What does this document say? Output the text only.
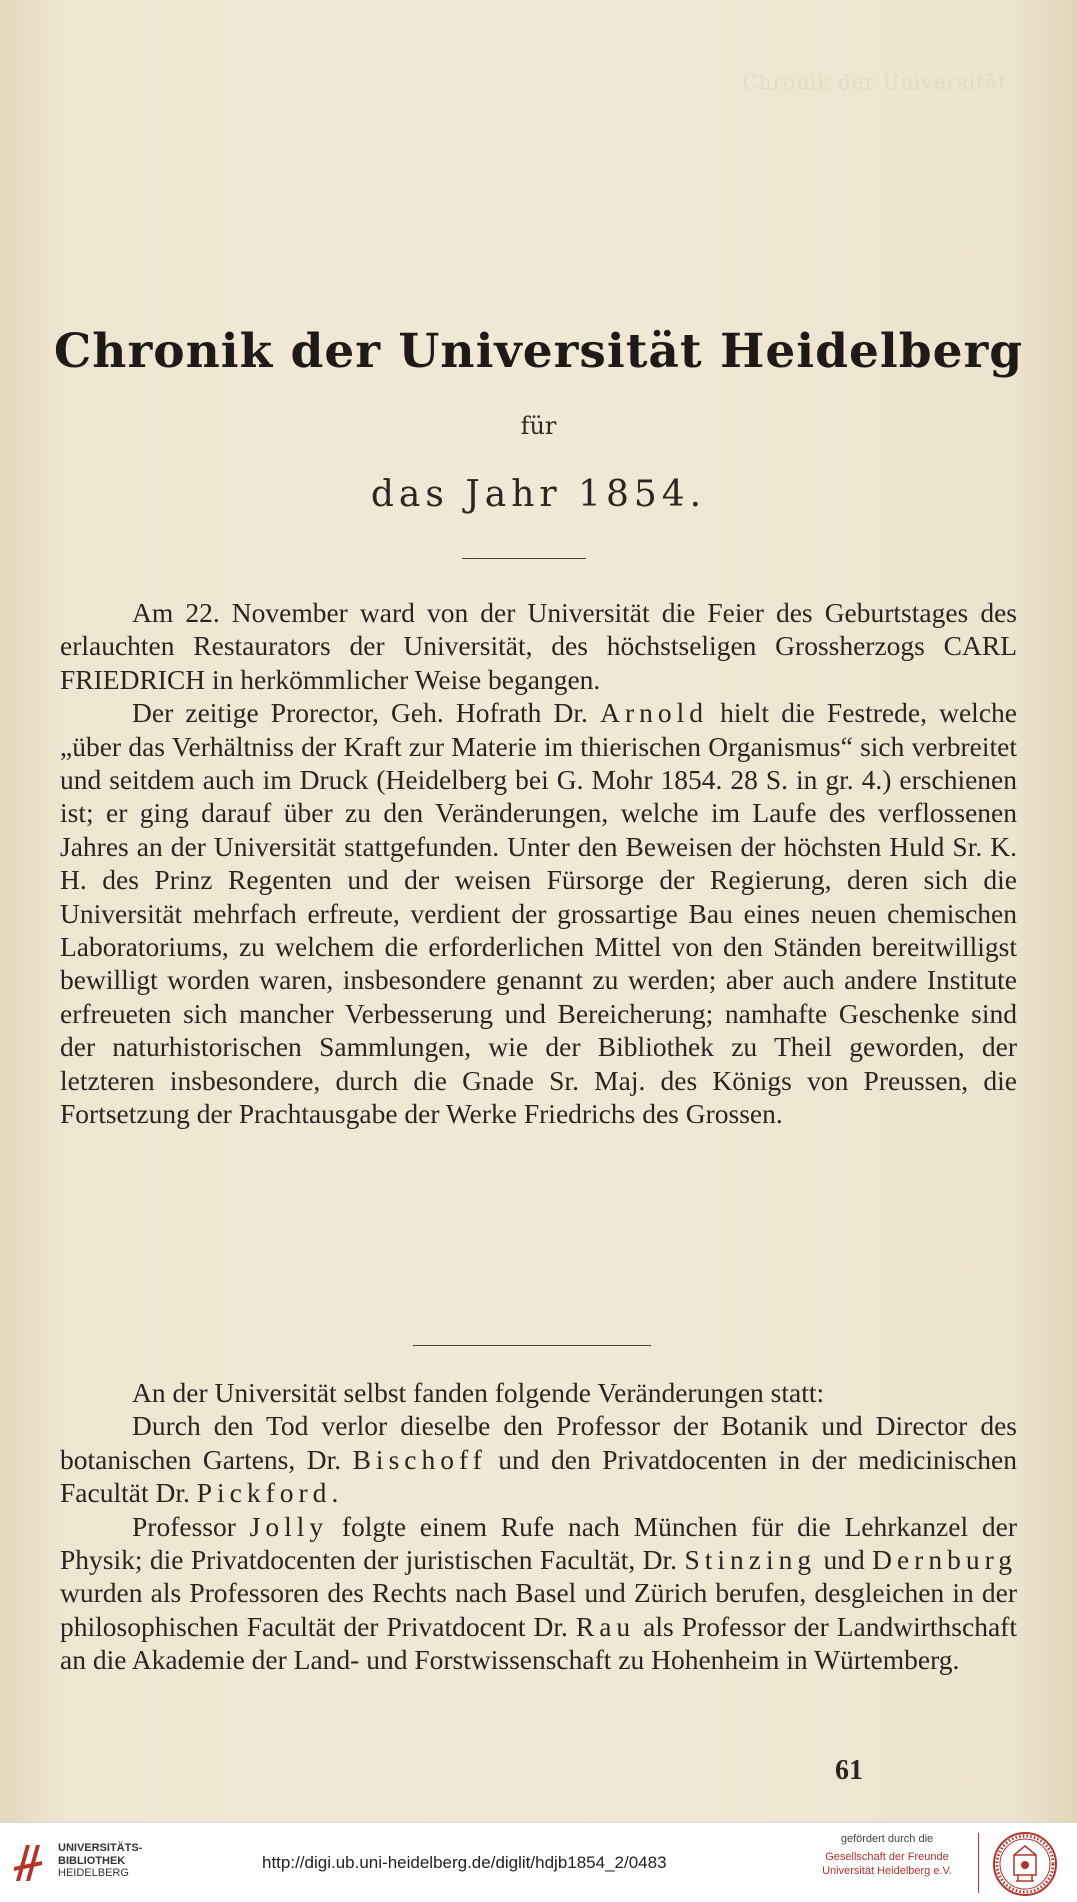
Chronik der Universität
Chronik der Universität Heidelberg
für
das Jahr 1854.

Am 22. November ward von der Universität die Feier des Geburtstages des erlauchten Restaurators der Universität, des höchstseligen Grossherzogs CARL FRIEDRICH in herkömmlicher Weise begangen.

Der zeitige Prorector, Geh. Hofrath Dr. Arnold hielt die Festrede, welche „über das Verhältniss der Kraft zur Materie im thierischen Organismus“ sich verbreitet und seitdem auch im Druck (Heidelberg bei G. Mohr 1854. 28 S. in gr. 4.) erschienen ist; er ging darauf über zu den Veränderungen, welche im Laufe des verflossenen Jahres an der Universität stattgefunden. Unter den Beweisen der höchsten Huld Sr. K. H. des Prinz Regenten und der weisen Fürsorge der Regierung, deren sich die Universität mehrfach erfreute, verdient der grossartige Bau eines neuen chemischen Laboratoriums, zu welchem die erforderlichen Mittel von den Ständen bereitwilligst bewilligt worden waren, insbesondere genannt zu werden; aber auch andere Institute erfreueten sich mancher Verbesserung und Bereicherung; namhafte Geschenke sind der naturhistorischen Sammlungen, wie der Bibliothek zu Theil geworden, der letzteren insbesondere, durch die Gnade Sr. Maj. des Königs von Preussen, die Fortsetzung der Prachtausgabe der Werke Friedrichs des Grossen.

An der Universität selbst fanden folgende Veränderungen statt:

Durch den Tod verlor dieselbe den Professor der Botanik und Director des botanischen Gartens, Dr. Bischoff und den Privatdocenten in der medicinischen Facultät Dr. Pickford.

Professor Jolly folgte einem Rufe nach München für die Lehrkanzel der Physik; die Privatdocenten der juristischen Facultät, Dr. Stinzing und Dernburg wurden als Professoren des Rechts nach Basel und Zürich berufen, desgleichen in der philosophischen Facultät der Privatdocent Dr. Rau als Professor der Landwirthschaft an die Akademie der Land- und Forstwissenschaft zu Hohenheim in Würtemberg.

61
UNIVERSITÄTS-
BIBLIOTHEK
HEIDELBERG
http://digi.ub.uni-heidelberg.de/diglit/hdjb1854_2/0483
gefördert durch die
Gesellschaft der Freunde
Universität Heidelberg e.V.
